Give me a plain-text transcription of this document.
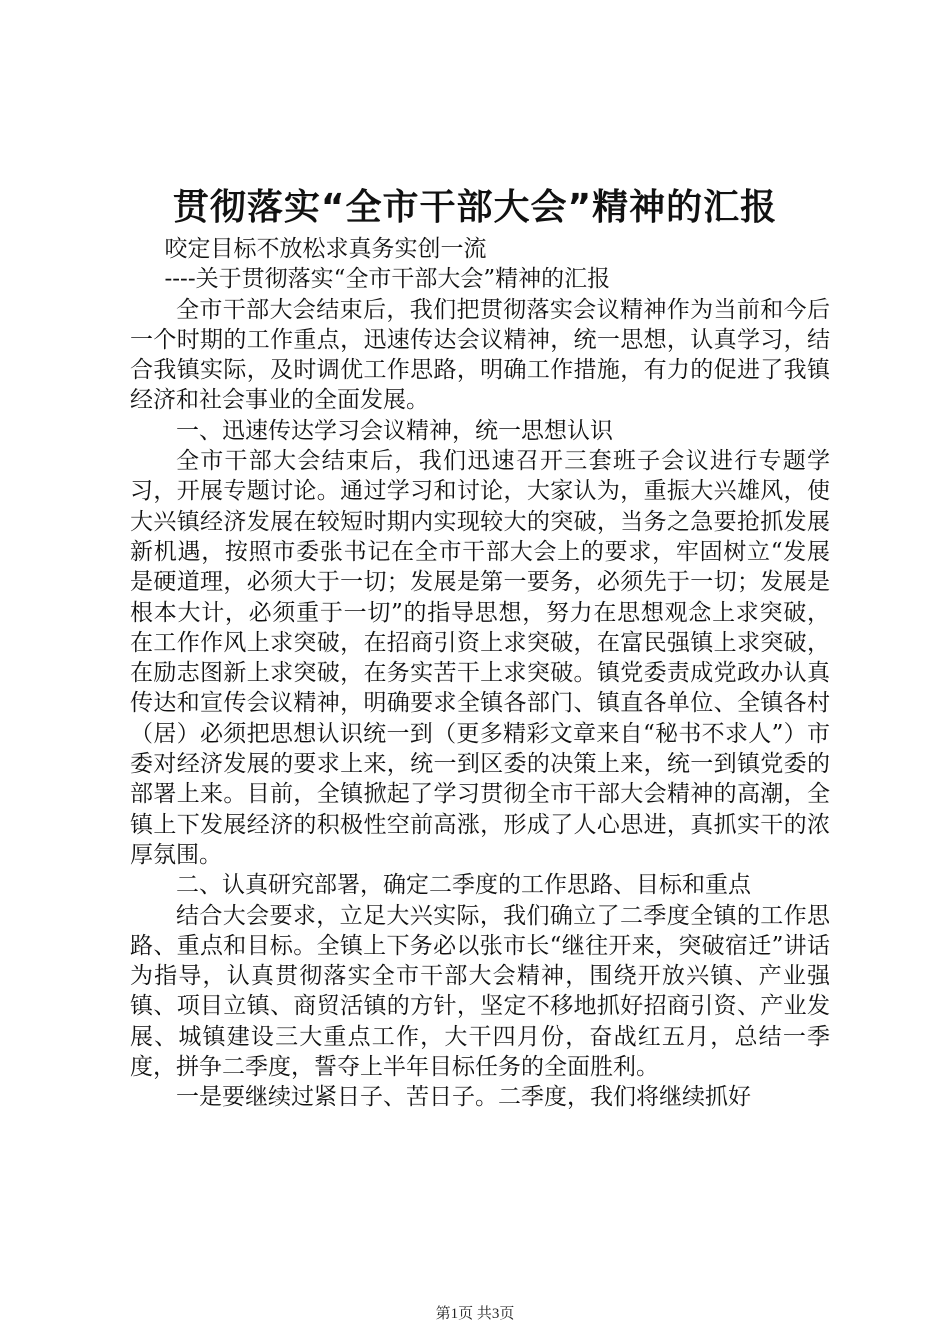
贯彻落实“全市干部大会”精神的汇报

咬定目标不放松求真务实创一流

----关于贯彻落实“全市干部大会”精神的汇报

全市干部大会结束后，我们把贯彻落实会议精神作为当前和今后一个时期的工作重点，迅速传达会议精神，统一思想，认真学习，结合我镇实际，及时调优工作思路，明确工作措施，有力的促进了我镇经济和社会事业的全面发展。

一、迅速传达学习会议精神，统一思想认识

全市干部大会结束后，我们迅速召开三套班子会议进行专题学习，开展专题讨论。通过学习和讨论，大家认为，重振大兴雄风，使大兴镇经济发展在较短时期内实现较大的突破，当务之急要抢抓发展新机遇，按照市委张书记在全市干部大会上的要求，牢固树立“发展是硬道理，必须大于一切；发展是第一要务，必须先于一切；发展是根本大计，必须重于一切”的指导思想，努力在思想观念上求突破，在工作作风上求突破，在招商引资上求突破，在富民强镇上求突破，在励志图新上求突破，在务实苦干上求突破。镇党委责成党政办认真传达和宣传会议精神，明确要求全镇各部门、镇直各单位、全镇各村（居）必须把思想认识统一到（更多精彩文章来自“秘书不求人”）市委对经济发展的要求上来，统一到区委的决策上来，统一到镇党委的部署上来。目前，全镇掀起了学习贯彻全市干部大会精神的高潮，全镇上下发展经济的积极性空前高涨，形成了人心思进，真抓实干的浓厚氛围。

二、认真研究部署，确定二季度的工作思路、目标和重点

结合大会要求，立足大兴实际，我们确立了二季度全镇的工作思路、重点和目标。全镇上下务必以张市长“继往开来，突破宿迁”讲话为指导，认真贯彻落实全市干部大会精神，围绕开放兴镇、产业强镇、项目立镇、商贸活镇的方针，坚定不移地抓好招商引资、产业发展、城镇建设三大重点工作，大干四月份，奋战红五月，总结一季度，拼争二季度，誓夺上半年目标任务的全面胜利。

一是要继续过紧日子、苦日子。二季度，我们将继续抓好

第1页 共3页
